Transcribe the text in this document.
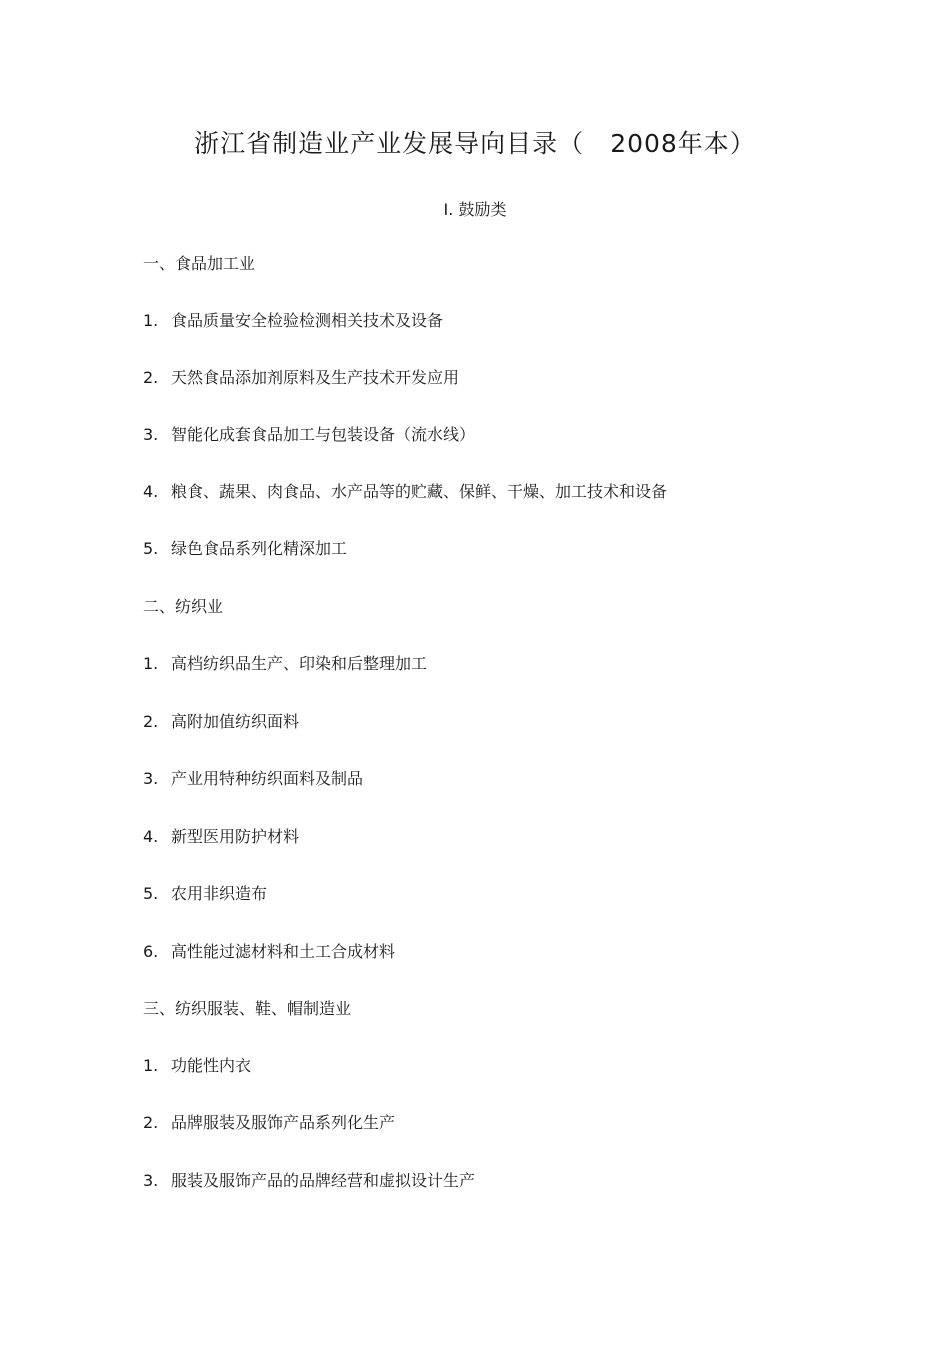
浙江省制造业产业发展导向目录（ 2008年本）
Ⅰ. 鼓励类
一、食品加工业
1. 食品质量安全检验检测相关技术及设备
2. 天然食品添加剂原料及生产技术开发应用
3. 智能化成套食品加工与包装设备（流水线）
4. 粮食、蔬果、肉食品、水产品等的贮藏、保鲜、干燥、加工技术和设备
5. 绿色食品系列化精深加工
二、纺织业
1. 高档纺织品生产、印染和后整理加工
2. 高附加值纺织面料
3. 产业用特种纺织面料及制品
4. 新型医用防护材料
5. 农用非织造布
6. 高性能过滤材料和土工合成材料
三、纺织服装、鞋、帽制造业
1. 功能性内衣
2. 品牌服装及服饰产品系列化生产
3. 服装及服饰产品的品牌经营和虚拟设计生产
